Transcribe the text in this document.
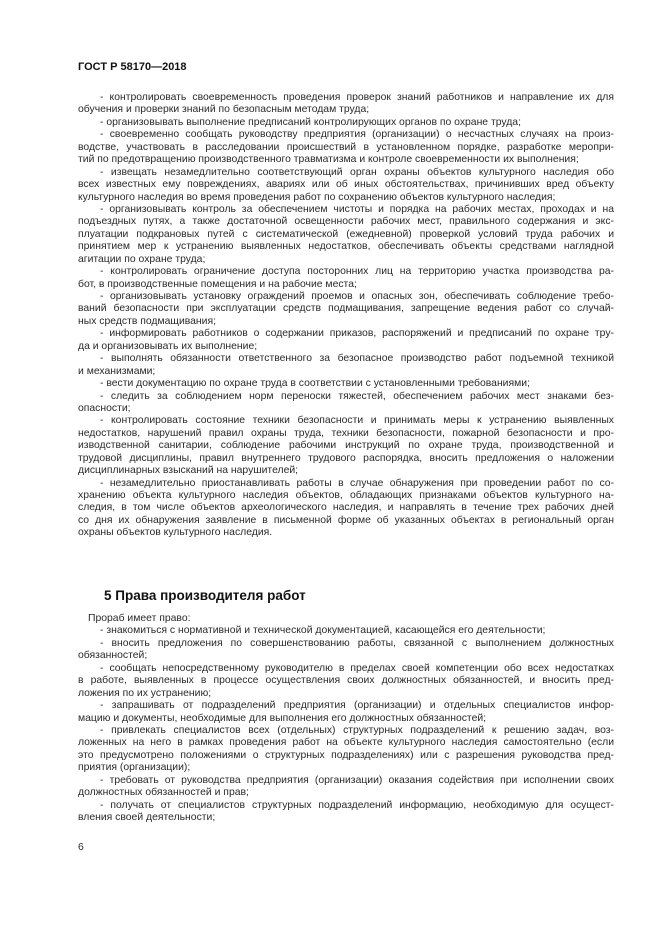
ГОСТ Р 58170—2018
- контролировать своевременность проведения проверок знаний работников и направление их для
обучения и проверки знаний по безопасным методам труда;
- организовывать выполнение предписаний контролирующих органов по охране труда;
- своевременно сообщать руководству предприятия (организации) о несчастных случаях на произ-
водстве, участвовать в расследовании происшествий в установленном порядке, разработке меропри-
тий по предотвращению производственного травматизма и контроле своевременности их выполнения;
- извещать незамедлительно соответствующий орган охраны объектов культурного наследия обо
всех известных ему повреждениях, авариях или об иных обстоятельствах, причинивших вред объекту
культурного наследия во время проведения работ по сохранению объектов культурного наследия;
- организовывать контроль за обеспечением чистоты и порядка на рабочих местах, проходах и на
подъездных путях, а также достаточной освещенности рабочих мест, правильного содержания и экс-
плуатации подкрановых путей с систематической (ежедневной) проверкой условий труда рабочих и
принятием мер к устранению выявленных недостатков, обеспечивать объекты средствами наглядной
агитации по охране труда;
- контролировать ограничение доступа посторонних лиц на территорию участка производства ра-
бот, в производственные помещения и на рабочие места;
- организовывать установку ограждений проемов и опасных зон, обеспечивать соблюдение требо-
ваний безопасности при эксплуатации средств подмащивания, запрещение ведения работ со случай-
ных средств подмащивания;
- информировать работников о содержании приказов, распоряжений и предписаний по охране тру-
да и организовывать их выполнение;
- выполнять обязанности ответственного за безопасное производство работ подъемной техникой
и механизмами;
- вести документацию по охране труда в соответствии с установленными требованиями;
- следить за соблюдением норм переноски тяжестей, обеспечением рабочих мест знаками без-
опасности;
- контролировать состояние техники безопасности и принимать меры к устранению выявленных
недостатков, нарушений правил охраны труда, техники безопасности, пожарной безопасности и про-
изводственной санитарии, соблюдение рабочими инструкций по охране труда, производственной и
трудовой дисциплины, правил внутреннего трудового распорядка, вносить предложения о наложении
дисциплинарных взысканий на нарушителей;
- незамедлительно приостанавливать работы в случае обнаружения при проведении работ по со-
хранению объекта культурного наследия объектов, обладающих признаками объектов культурного на-
следия, в том числе объектов археологического наследия, и направлять в течение трех рабочих дней
со дня их обнаружения заявление в письменной форме об указанных объектах в региональный орган
охраны объектов культурного наследия.
5 Права производителя работ
Прораб имеет право:
- знакомиться с нормативной и технической документацией, касающейся его деятельности;
- вносить предложения по совершенствованию работы, связанной с выполнением должностных
обязанностей;
- сообщать непосредственному руководителю в пределах своей компетенции обо всех недостатках
в работе, выявленных в процессе осуществления своих должностных обязанностей, и вносить пред-
ложения по их устранению;
- запрашивать от подразделений предприятия (организации) и отдельных специалистов инфор-
мацию и документы, необходимые для выполнения его должностных обязанностей;
- привлекать специалистов всех (отдельных) структурных подразделений к решению задач, воз-
ложенных на него в рамках проведения работ на объекте культурного наследия самостоятельно (если
это предусмотрено положениями о структурных подразделениях) или с разрешения руководства пред-
приятия (организации);
- требовать от руководства предприятия (организации) оказания содействия при исполнении своих
должностных обязанностей и прав;
- получать от специалистов структурных подразделений информацию, необходимую для осущест-
вления своей деятельности;
6
